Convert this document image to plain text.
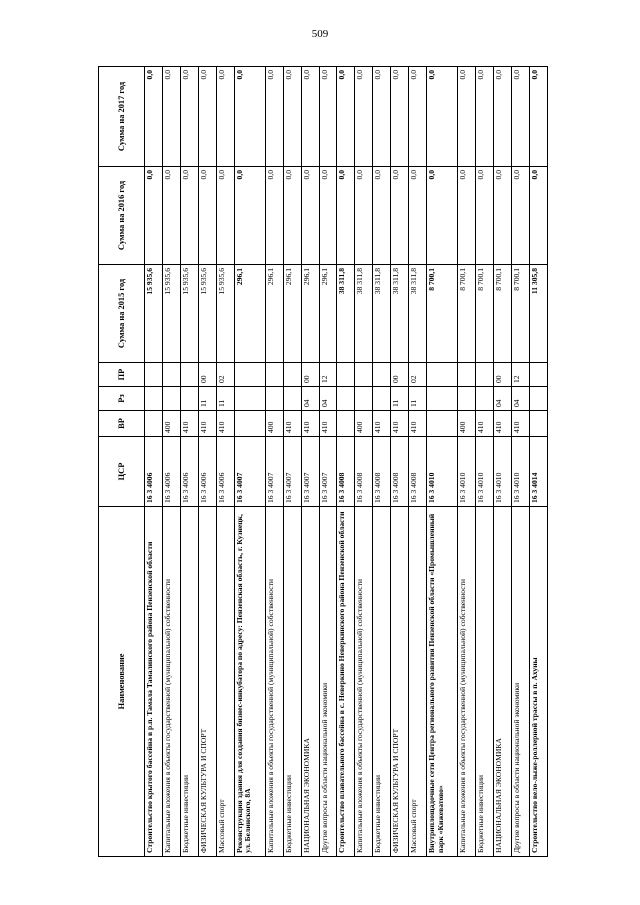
509
Наименование	ЦСР	ВР	Рз	ПР	Сумма на 2015 год	Сумма на 2016 год	Сумма на 2017 год
Строительство крытого бассейна в р.п. Тамала Тамалинского района Пензенской области	16 3 4006				15 935,6	0,0	0,0
Капитальные вложения в объекты государственной (муниципальной) собственности	16 3 4006	400			15 935,6	0,0	0,0
Бюджетные инвестиции	16 3 4006	410			15 935,6	0,0	0,0
ФИЗИЧЕСКАЯ КУЛЬТУРА И СПОРТ	16 3 4006	410	11	00	15 935,6	0,0	0,0
Массовый спорт	16 3 4006	410	11	02	15 935,6	0,0	0,0
Реконструкция здания для создания бизнес-инкубатора по адресу: Пензенская область, г. Кузнецк, ул. Белинского, 8А	16 3 4007				296,1	0,0	0,0
Капитальные вложения в объекты государственной (муниципальной) собственности	16 3 4007	400			296,1	0,0	0,0
Бюджетные инвестиции	16 3 4007	410			296,1	0,0	0,0
НАЦИОНАЛЬНАЯ ЭКОНОМИКА	16 3 4007	410	04	00	296,1	0,0	0,0
Другие вопросы в области национальной экономики	16 3 4007	410	04	12	296,1	0,0	0,0
Строительство плавательного бассейна в с. Неверкино Неверкинского района Пензенской области	16 3 4008				38 311,8	0,0	0,0
Капитальные вложения в объекты государственной (муниципальной) собственности	16 3 4008	400			38 311,8	0,0	0,0
Бюджетные инвестиции	16 3 4008	410			38 311,8	0,0	0,0
ФИЗИЧЕСКАЯ КУЛЬТУРА И СПОРТ	16 3 4008	410	11	00	38 311,8	0,0	0,0
Массовый спорт	16 3 4008	410	11	02	38 311,8	0,0	0,0
Внутриплощадочные сети Центра регионального развития Пензенской области «Промышленный парк «Кижеватово»	16 3 4010				8 700,1	0,0	0,0
Капитальные вложения в объекты государственной (муниципальной) собственности	16 3 4010	400			8 700,1	0,0	0,0
Бюджетные инвестиции	16 3 4010	410			8 700,1	0,0	0,0
НАЦИОНАЛЬНАЯ ЭКОНОМИКА	16 3 4010	410	04	00	8 700,1	0,0	0,0
Другие вопросы в области национальной экономики	16 3 4010	410	04	12	8 700,1	0,0	0,0
Строительство вело-лыже-роллерной трассы в п. Ахуны	16 3 4014				11 305,8	0,0	0,0
